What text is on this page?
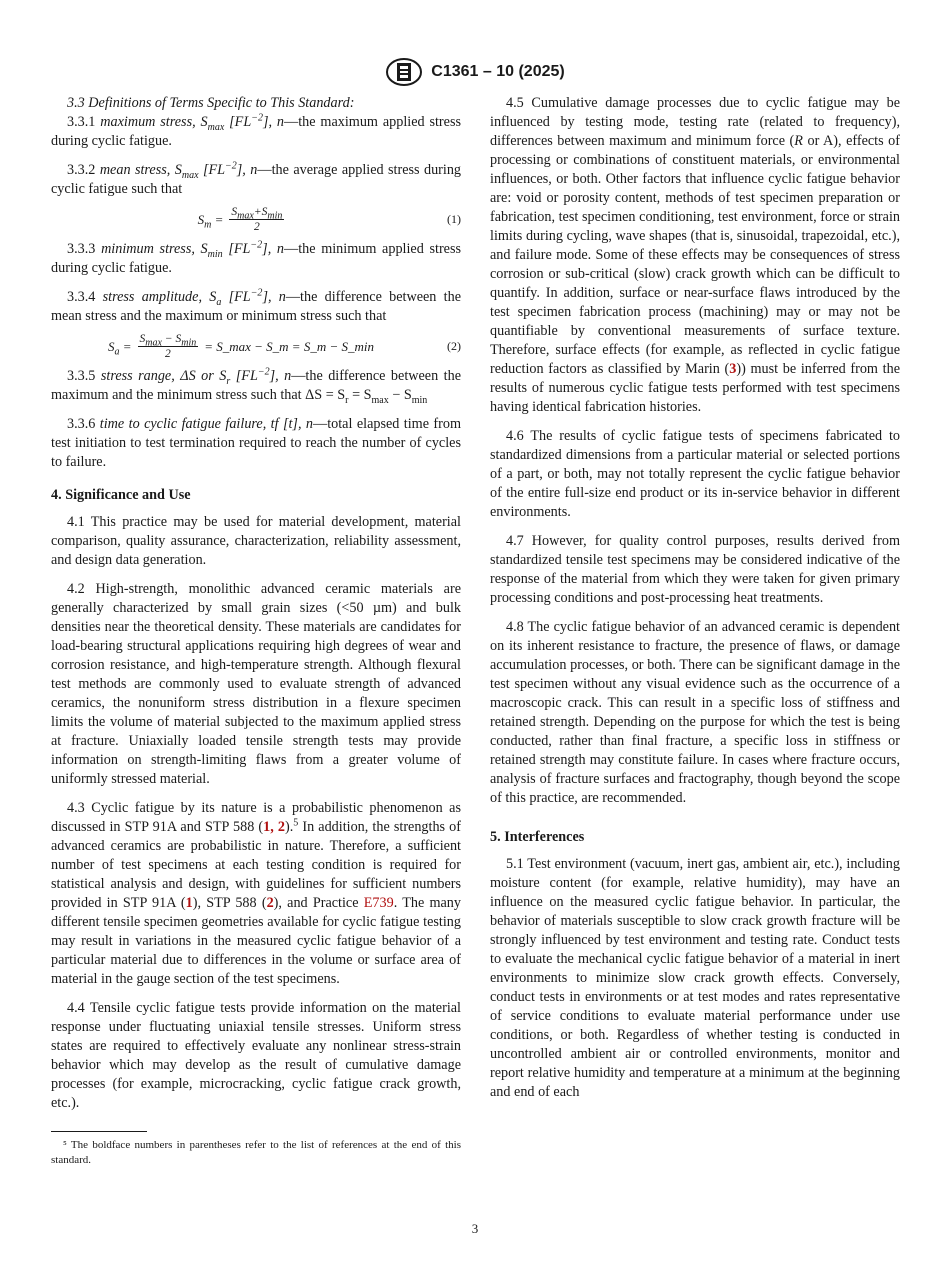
C1361 – 10 (2025)

3.3 Definitions of Terms Specific to This Standard:

3.3.1 maximum stress, $S_{max}$ $[FL^{-2}]$, n—the maximum applied stress during cyclic fatigue.

3.3.2 mean stress, $S_{max}$ $[FL^{-2}]$, n—the average applied stress during cyclic fatigue such that

$S_m = \frac{S_{max}+S_{min}}{2}$	(1)

3.3.3 minimum stress, $S_{min}$ $[FL^{-2}]$, n—the minimum applied stress during cyclic fatigue.

3.3.4 stress amplitude, $S_a$ $[FL^{-2}]$, n—the difference between the mean stress and the maximum or minimum stress such that

$S_a = \frac{S_{max} - S_{min}}{2}$ = S_max − S_m = S_m − S_min	(2)

3.3.5 stress range, ΔS or $S_r$ $[FL^{-2}]$, n—the difference between the maximum and the minimum stress such that $\Delta S = S_r = S_{max} - S_{min}$

3.3.6 time to cyclic fatigue failure, tf [t], n—total elapsed time from test initiation to test termination required to reach the number of cycles to failure.

4. Significance and Use

4.1 This practice may be used for material development, material comparison, quality assurance, characterization, reliability assessment, and design data generation.

4.2 High-strength, monolithic advanced ceramic materials are generally characterized by small grain sizes (<50 µm) and bulk densities near the theoretical density. These materials are candidates for load-bearing structural applications requiring high degrees of wear and corrosion resistance, and high-temperature strength. Although flexural test methods are commonly used to evaluate strength of advanced ceramics, the nonuniform stress distribution in a flexure specimen limits the volume of material subjected to the maximum applied stress at fracture. Uniaxially loaded tensile strength tests may provide information on strength-limiting flaws from a greater volume of uniformly stressed material.

4.3 Cyclic fatigue by its nature is a probabilistic phenomenon as discussed in STP 91A and STP 588 (1, 2).$^5$ In addition, the strengths of advanced ceramics are probabilistic in nature. Therefore, a sufficient number of test specimens at each testing condition is required for statistical analysis and design, with guidelines for sufficient numbers provided in STP 91A (1), STP 588 (2), and Practice E739. The many different tensile specimen geometries available for cyclic fatigue testing may result in variations in the measured cyclic fatigue behavior of a particular material due to differences in the volume or surface area of material in the gauge section of the test specimens.

4.4 Tensile cyclic fatigue tests provide information on the material response under fluctuating uniaxial tensile stresses. Uniform stress states are required to effectively evaluate any nonlinear stress-strain behavior which may develop as the result of cumulative damage processes (for example, microcracking, cyclic fatigue crack growth, etc.).

⁵ The boldface numbers in parentheses refer to the list of references at the end of this standard.

4.5 Cumulative damage processes due to cyclic fatigue may be influenced by testing mode, testing rate (related to frequency), differences between maximum and minimum force (R or A), effects of processing or combinations of constituent materials, or environmental influences, or both. Other factors that influence cyclic fatigue behavior are: void or porosity content, methods of test specimen preparation or fabrication, test specimen conditioning, test environment, force or strain limits during cycling, wave shapes (that is, sinusoidal, trapezoidal, etc.), and failure mode. Some of these effects may be consequences of stress corrosion or sub-critical (slow) crack growth which can be difficult to quantify. In addition, surface or near-surface flaws introduced by the test specimen fabrication process (machining) may or may not be quantifiable by conventional measurements of surface texture. Therefore, surface effects (for example, as reflected in cyclic fatigue reduction factors as classified by Marin (3)) must be inferred from the results of numerous cyclic fatigue tests performed with test specimens having identical fabrication histories.

4.6 The results of cyclic fatigue tests of specimens fabricated to standardized dimensions from a particular material or selected portions of a part, or both, may not totally represent the cyclic fatigue behavior of the entire full-size end product or its in-service behavior in different environments.

4.7 However, for quality control purposes, results derived from standardized tensile test specimens may be considered indicative of the response of the material from which they were taken for given primary processing conditions and post-processing heat treatments.

4.8 The cyclic fatigue behavior of an advanced ceramic is dependent on its inherent resistance to fracture, the presence of flaws, or damage accumulation processes, or both. There can be significant damage in the test specimen without any visual evidence such as the occurrence of a macroscopic crack. This can result in a specific loss of stiffness and retained strength. Depending on the purpose for which the test is being conducted, rather than final fracture, a specific loss in stiffness or retained strength may constitute failure. In cases where fracture occurs, analysis of fracture surfaces and fractography, though beyond the scope of this practice, are recommended.

5. Interferences

5.1 Test environment (vacuum, inert gas, ambient air, etc.), including moisture content (for example, relative humidity), may have an influence on the measured cyclic fatigue behavior. In particular, the behavior of materials susceptible to slow crack growth fracture will be strongly influenced by test environment and testing rate. Conduct tests to evaluate the mechanical cyclic fatigue behavior of a material in inert environments to minimize slow crack growth effects. Conversely, conduct tests in environments or at test modes and rates representative of service conditions to evaluate material performance under use conditions, or both. Regardless of whether testing is conducted in uncontrolled ambient air or controlled environments, monitor and report relative humidity and temperature at a minimum at the beginning and end of each

3
